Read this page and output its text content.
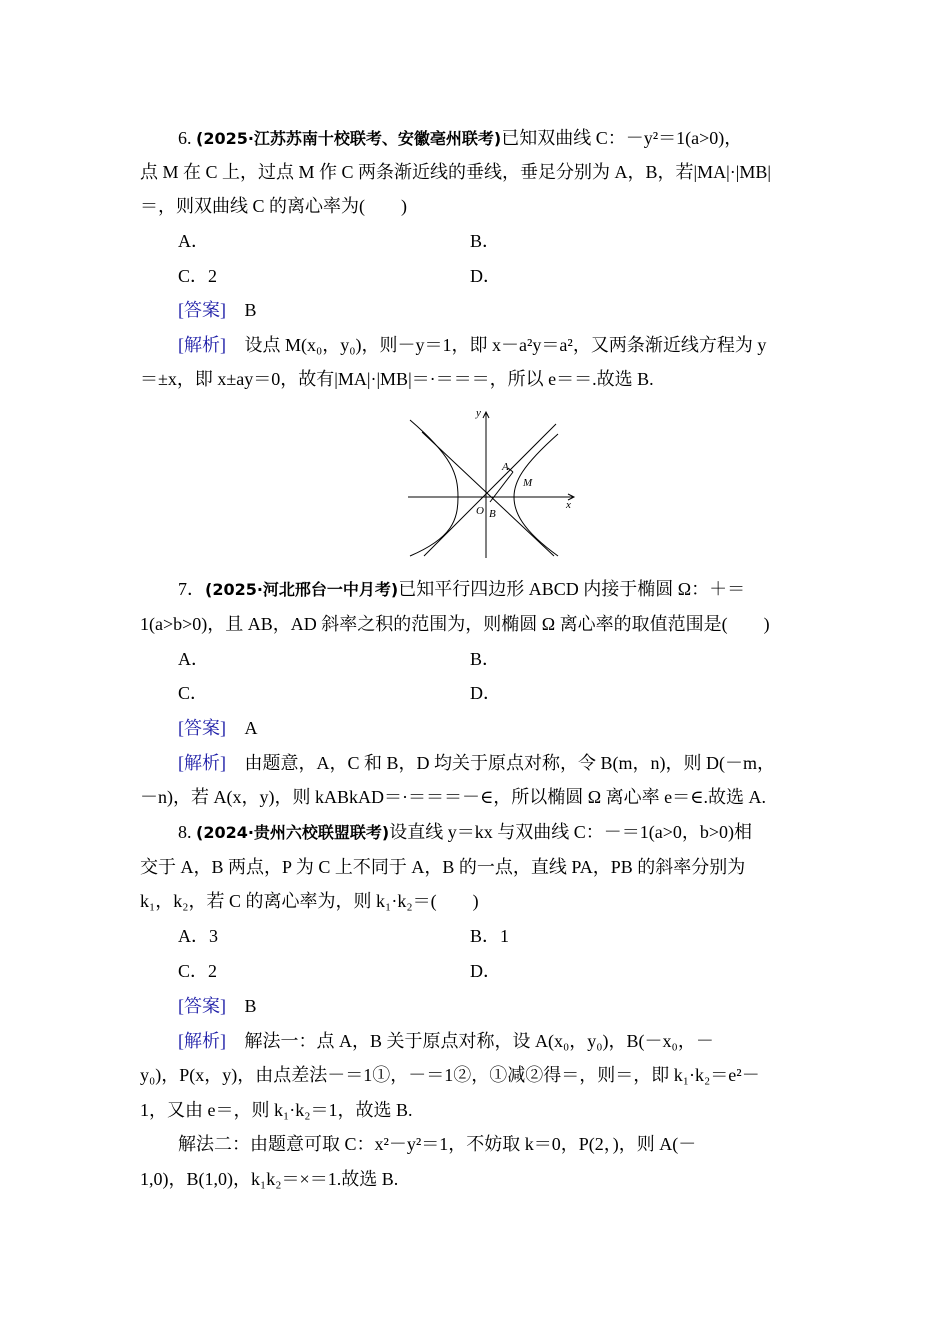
6. (2025·江苏苏南十校联考、安徽亳州联考)已知双曲线 C：－y²＝1(a>0)，
点 M 在 C 上，过点 M 作 C 两条渐近线的垂线，垂足分别为 A，B，若|MA|·|MB|
＝，则双曲线 C 的离心率为(　　)
A．	B．
C．2	D．
[答案] B
[解析] 设点 M(x₀，y₀)，则－y＝1，即 x－a²y＝a²，又两条渐近线方程为 y
＝±x，即 x±ay＝0，故有|MA|·|MB|＝·＝＝＝，所以 e＝＝.故选 B.
y
x
O
A
B
M
7．(2025·河北邢台一中月考)已知平行四边形 ABCD 内接于椭圆 Ω：＋＝
1(a>b>0)，且 AB，AD 斜率之积的范围为，则椭圆 Ω 离心率的取值范围是(　　)
A．	B．
C．	D．
[答案] A
[解析] 由题意，A，C 和 B，D 均关于原点对称，令 B(m，n)，则 D(－m，
－n)，若 A(x，y)，则 kABkAD＝·＝＝＝－∈，所以椭圆 Ω 离心率 e＝∈.故选 A.
8. (2024·贵州六校联盟联考)设直线 y＝kx 与双曲线 C：－＝1(a>0，b>0)相
交于 A，B 两点，P 为 C 上不同于 A，B 的一点，直线 PA，PB 的斜率分别为
k₁，k₂，若 C 的离心率为，则 k₁·k₂＝(　　)
A．3	B．1
C．2	D．
[答案] B
[解析] 解法一：点 A，B 关于原点对称，设 A(x₀，y₀)，B(－x₀，－
y₀)，P(x，y)，由点差法－＝1①，－＝1②，①减②得＝，则＝，即 k₁·k₂＝e²－
1，又由 e＝，则 k₁·k₂＝1，故选 B.
解法二：由题意可取 C：x²－y²＝1，不妨取 k＝0，P(2，)，则 A(－
1,0)，B(1,0)，k₁k₂＝×＝1.故选 B.
